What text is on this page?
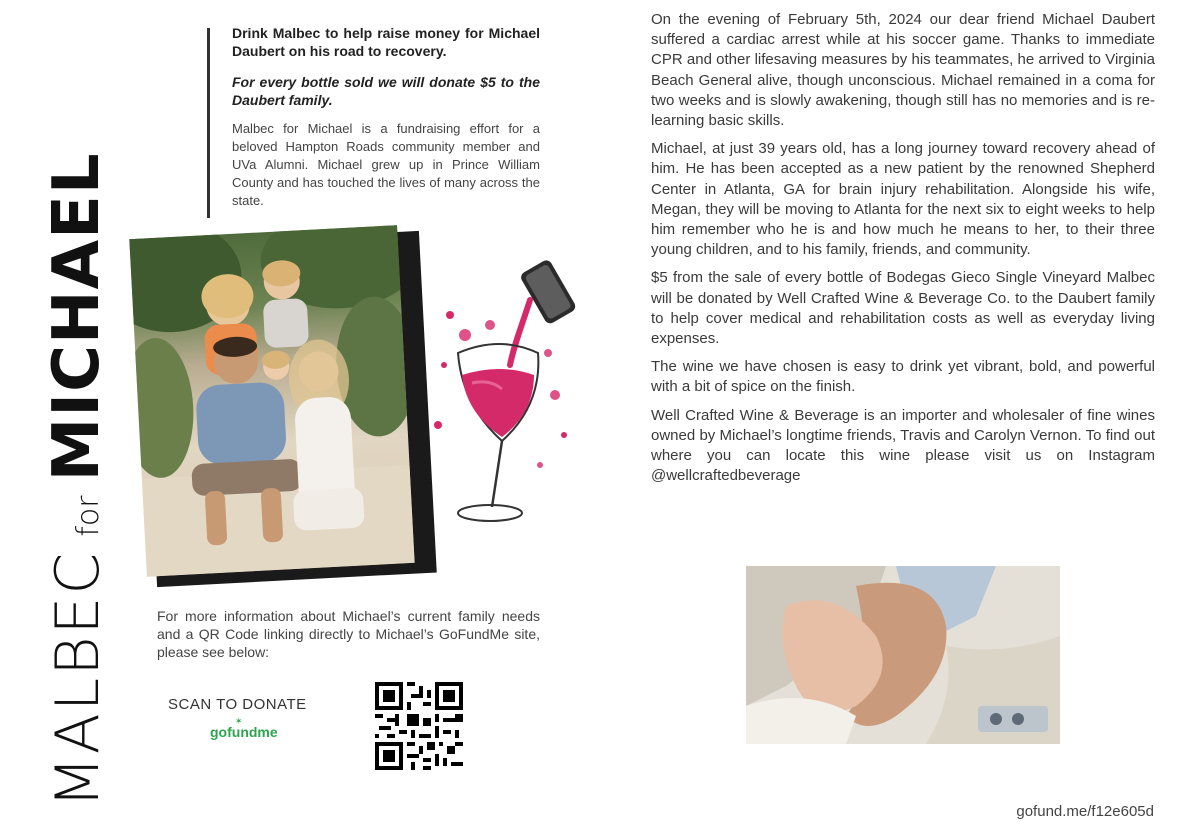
MALBEC
for
MICHAEL

Drink Malbec to help raise money for Michael Daubert on his road to recovery.

For every bottle sold we will donate $5 to the Daubert family.

Malbec for Michael is a fundraising effort for a beloved Hampton Roads community member and UVa Alumni. Michael grew up in Prince William County and has touched the lives of many across the state.

For more information about Michael’s current family needs and a QR Code linking directly to Michael’s GoFundMe site, please see below:

SCAN TO DONATE
✶
gofundme

On the evening of February 5th, 2024 our dear friend Michael Daubert suffered a cardiac arrest while at his soccer game. Thanks to immediate CPR and other lifesaving measures by his teammates, he arrived to Virginia Beach General alive, though unconscious. Michael remained in a coma for two weeks and is slowly awakening, though still has no memories and is re-learning basic skills.

Michael, at just 39 years old, has a long journey toward recovery ahead of him. He has been accepted as a new patient by the renowned Shepherd Center in Atlanta, GA for brain injury rehabilitation. Alongside his wife, Megan, they will be moving to Atlanta for the next six to eight weeks to help him remember who he is and how much he means to her, to their three young children, and to his family, friends, and community.

$5 from the sale of every bottle of Bodegas Gieco Single Vineyard Malbec will be donated by Well Crafted Wine & Beverage Co. to the Daubert family to help cover medical and rehabilitation costs as well as everyday living expenses.

The wine we have chosen is easy to drink yet vibrant, bold, and powerful with a bit of spice on the finish.

Well Crafted Wine & Beverage is an importer and wholesaler of fine wines owned by Michael’s longtime friends, Travis and Carolyn Vernon. To find out where you can locate this wine please visit us on Instagram @wellcraftedbeverage

gofund.me/f12e605d
